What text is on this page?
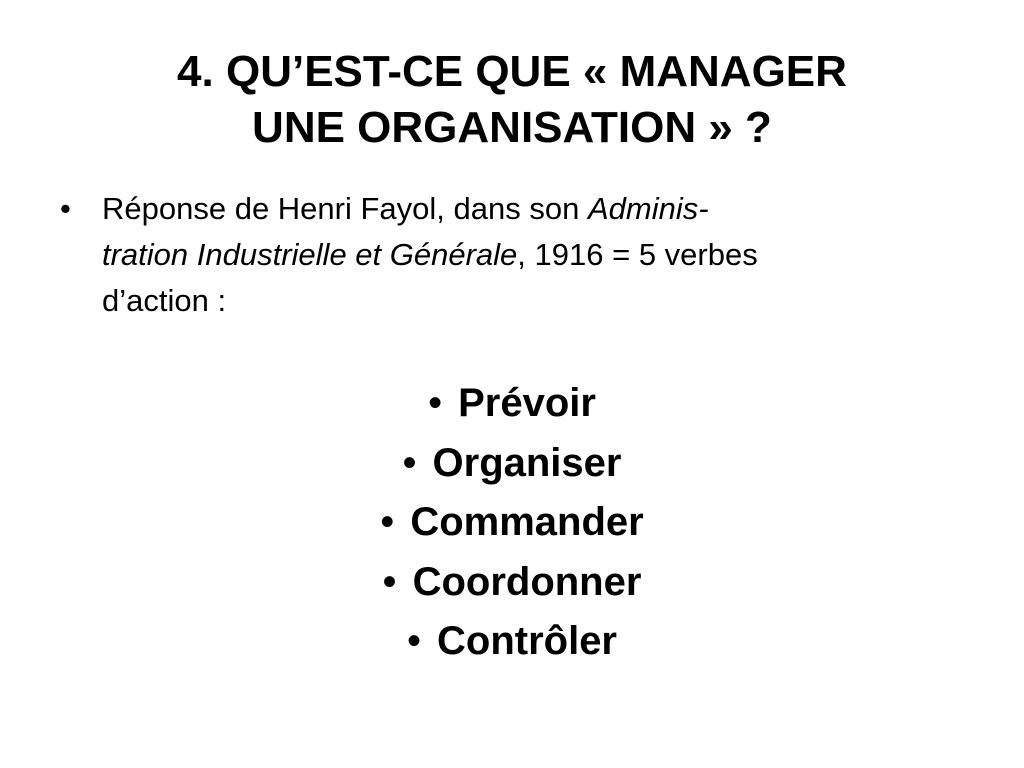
4. QU’EST-CE QUE « MANAGER
UNE ORGANISATION » ?
• Réponse de Henri Fayol, dans son Adminis-
tration Industrielle et Générale, 1916 = 5 verbes
d’action :
• Prévoir
• Organiser
• Commander
• Coordonner
• Contrôler
